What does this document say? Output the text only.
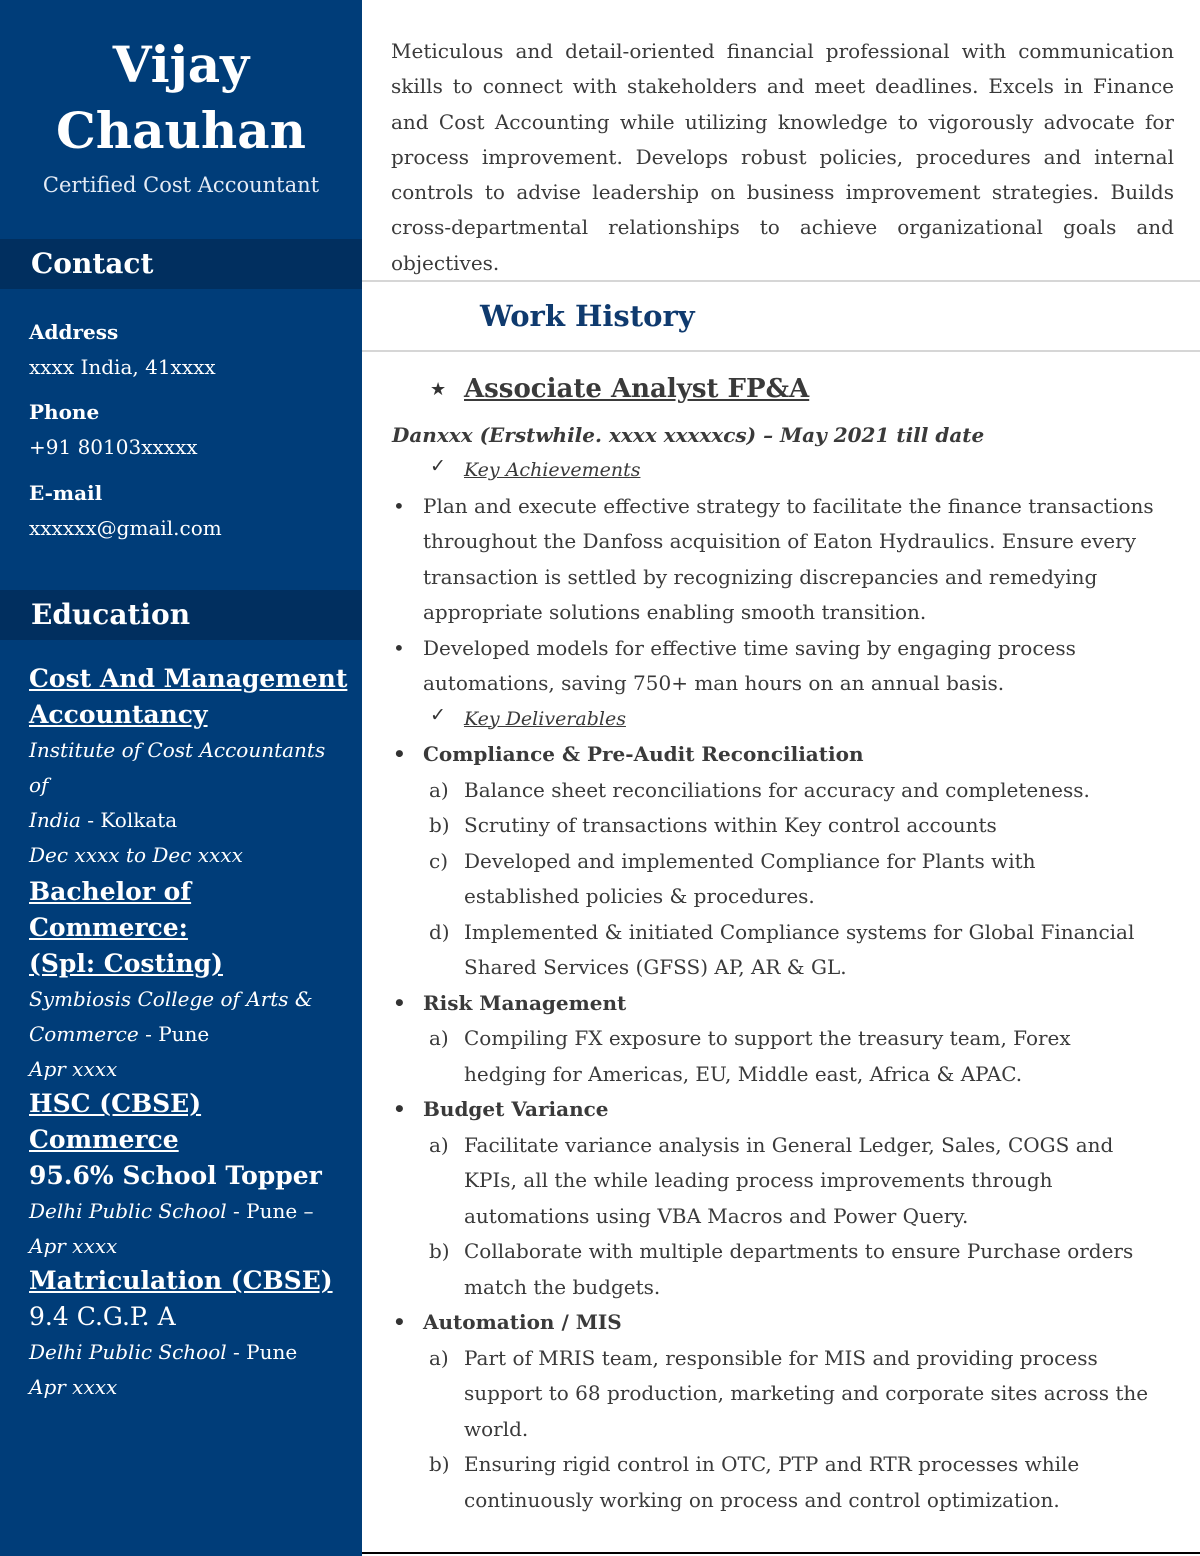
Vijay
Chauhan
Certified Cost Accountant
Contact
Address
xxxx India, 41xxxx
Phone
+91 80103xxxxx
E-mail
xxxxxx@gmail.com
Education

Cost And Management

Accountancy

Institute of Cost Accountants of

India - Kolkata

Dec xxxx to Dec xxxx

Bachelor of Commerce:

(Spl: Costing)

Symbiosis College of Arts &

Commerce - Pune

Apr xxxx

HSC (CBSE) Commerce

95.6% School Topper

Delhi Public School - Pune –

Apr xxxx

Matriculation (CBSE)

9.4 C.G.P. A

Delhi Public School - Pune

Apr xxxx

Meticulous and detail-oriented financial professional with communication skills to connect with stakeholders and meet deadlines. Excels in Finance and Cost Accounting while utilizing knowledge to vigorously advocate for process improvement. Develops robust policies, procedures and internal controls to advise leadership on business improvement strategies. Builds cross-departmental relationships to achieve organizational goals and objectives.

Work History
★ Associate Analyst FP&A
Danxxx (Erstwhile. xxxx xxxxxcs) – May 2021 till date
✓ Key Achievements

• Plan and execute effective strategy to facilitate the finance transactions throughout the Danfoss acquisition of Eaton Hydraulics. Ensure every transaction is settled by recognizing discrepancies and remedying appropriate solutions enabling smooth transition.

• Developed models for effective time saving by engaging process automations, saving 750+ man hours on an annual basis.

✓ Key Deliverables

• Compliance & Pre-Audit Reconciliation

a) Balance sheet reconciliations for accuracy and completeness.

b) Scrutiny of transactions within Key control accounts

c) Developed and implemented Compliance for Plants with established policies & procedures.

d) Implemented & initiated Compliance systems for Global Financial Shared Services (GFSS) AP, AR & GL.

• Risk Management

a) Compiling FX exposure to support the treasury team, Forex hedging for Americas, EU, Middle east, Africa & APAC.

• Budget Variance

a) Facilitate variance analysis in General Ledger, Sales, COGS and KPIs, all the while leading process improvements through automations using VBA Macros and Power Query.

b) Collaborate with multiple departments to ensure Purchase orders match the budgets.

• Automation / MIS

a) Part of MRIS team, responsible for MIS and providing process support to 68 production, marketing and corporate sites across the world.

b) Ensuring rigid control in OTC, PTP and RTR processes while continuously working on process and control optimization.
